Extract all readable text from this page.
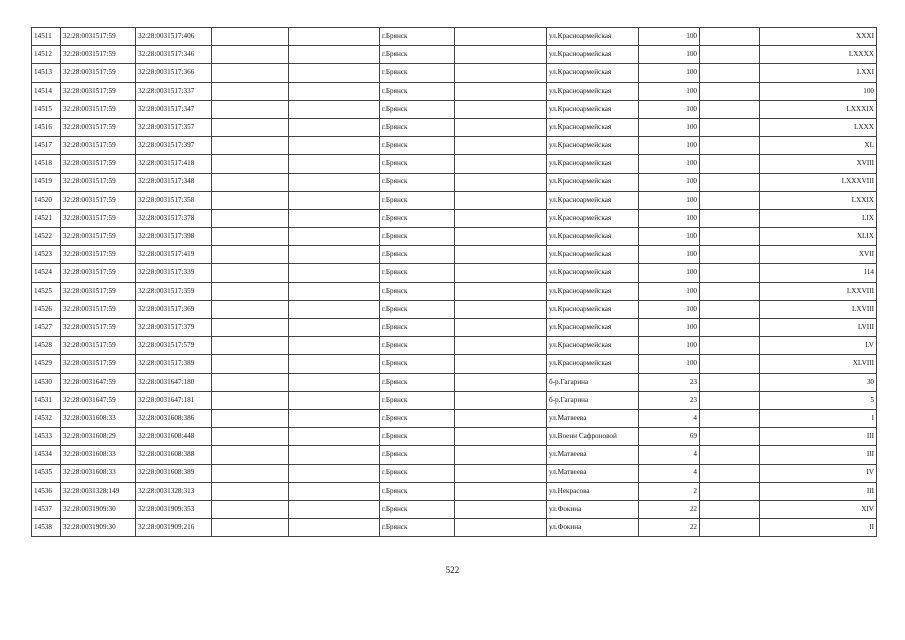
14511	32:28:0031517:59	32:28:0031517:406			г.Брянск		ул.Красноармейская	100		XXXI
14512	32:28:0031517:59	32:28:0031517:346			г.Брянск		ул.Красноармейская	100		LXXXX
14513	32:28:0031517:59	32:28:0031517:366			г.Брянск		ул.Красноармейская	100		LXXI
14514	32:28:0031517:59	32:28:0031517:337			г.Брянск		ул.Красноармейская	100		100
14515	32:28:0031517:59	32:28:0031517:347			г.Брянск		ул.Красноармейская	100		LXXXIX
14516	32:28:0031517:59	32:28:0031517:357			г.Брянск		ул.Красноармейская	100		LXXX
14517	32:28:0031517:59	32:28:0031517:397			г.Брянск		ул.Красноармейская	100		XL
14518	32:28:0031517:59	32:28:0031517:418			г.Брянск		ул.Красноармейская	100		XVIII
14519	32:28:0031517:59	32:28:0031517:348			г.Брянск		ул.Красноармейская	100		LXXXVIII
14520	32:28:0031517:59	32:28:0031517:358			г.Брянск		ул.Красноармейская	100		LXXIX
14521	32:28:0031517:59	32:28:0031517:378			г.Брянск		ул.Красноармейская	100		LIX
14522	32:28:0031517:59	32:28:0031517:398			г.Брянск		ул.Красноармейская	100		XLIX
14523	32:28:0031517:59	32:28:0031517:419			г.Брянск		ул.Красноармейская	100		XVII
14524	32:28:0031517:59	32:28:0031517:339			г.Брянск		ул.Красноармейская	100		114
14525	32:28:0031517:59	32:28:0031517:359			г.Брянск		ул.Красноармейская	100		LXXVIII
14526	32:28:0031517:59	32:28:0031517:369			г.Брянск		ул.Красноармейская	100		LXVIII
14527	32:28:0031517:59	32:28:0031517:379			г.Брянск		ул.Красноармейская	100		LVIII
14528	32:28:0031517:59	32:28:0031517:579			г.Брянск		ул.Красноармейская	100		LV
14529	32:28:0031517:59	32:28:0031517:389			г.Брянск		ул.Красноармейская	100		XLVIII
14530	32:28:0031647:59	32:28:0031647:180			г.Брянск		б-р.Гагарина	23		30
14531	32:28:0031647:59	32:28:0031647:181			г.Брянск		б-р.Гагарина	23		5
14532	32:28:0031608:33	32:28:0031608:386			г.Брянск		ул.Матвеева	4		I
14533	32:28:0031608:29	32:28:0031608:448			г.Брянск		ул.Военн Сафроновой	69		III
14534	32:28:0031608:33	32:28:0031608:388			г.Брянск		ул.Матвеева	4		III
14535	32:28:0031608:33	32:28:0031608:389			г.Брянск		ул.Матвеева	4		IV
14536	32:28:0031328:149	32:28:0031328:313			г.Брянск		ул.Некрасова	2		III
14537	32:28:0031909:30	32:28:0031909:353			г.Брянск		ул.Фокина	22		XIV
14538	32:28:0031909:30	32:28:0031909:216			г.Брянск		ул.Фокина	22		II
522
